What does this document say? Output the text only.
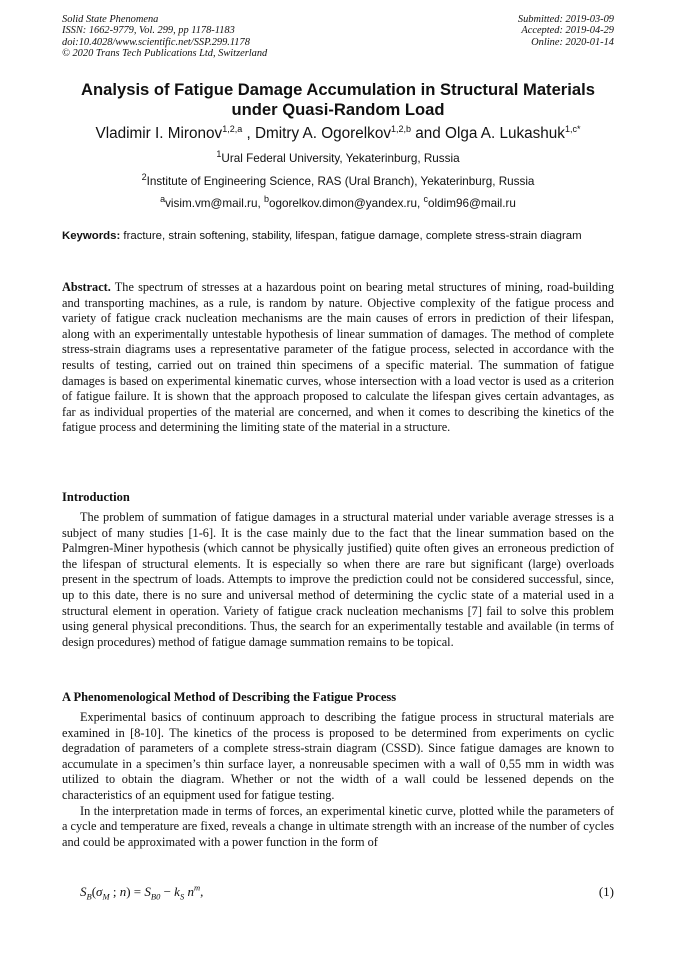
Solid State Phenomena
ISSN: 1662-9779, Vol. 299, pp 1178-1183
doi:10.4028/www.scientific.net/SSP.299.1178
© 2020 Trans Tech Publications Ltd, Switzerland
Submitted: 2019-03-09
Accepted: 2019-04-29
Online: 2020-01-14
Analysis of Fatigue Damage Accumulation in Structural Materials
under Quasi-Random Load
Vladimir I. Mironov$^{1,2,a}$ , Dmitry A. Ogorelkov$^{1,2,b}$ and Olga A. Lukashuk$^{1,c*}$
$^1$Ural Federal University, Yekaterinburg, Russia
$^2$Institute of Engineering Science, RAS (Ural Branch), Yekaterinburg, Russia
$^a$visim.vm@mail.ru, $^b$ogorelkov.dimon@yandex.ru, $^c$oldim96@mail.ru
Keywords: fracture, strain softening, stability, lifespan, fatigue damage, complete stress-strain diagram
Abstract. The spectrum of stresses at a hazardous point on bearing metal structures of mining, road-building and transporting machines, as a rule, is random by nature. Objective complexity of the fatigue process and variety of fatigue crack nucleation mechanisms are the main causes of errors in prediction of their lifespan, along with an experimentally untestable hypothesis of linear summation of damages. The method of complete stress-strain diagrams uses a representative parameter of the fatigue process, selected in accordance with the results of testing, carried out on trained thin specimens of a specific material. The summation of fatigue damages is based on experimental kinematic curves, whose intersection with a load vector is used as a criterion of fatigue failure. It is shown that the approach proposed to calculate the lifespan gives certain advantages, as far as individual properties of the material are concerned, and when it comes to describing the kinetics of the fatigue process and determining the limiting state of the material in a structure.
Introduction

The problem of summation of fatigue damages in a structural material under variable average stresses is a subject of many studies [1-6]. It is the case mainly due to the fact that the linear summation based on the Palmgren-Miner hypothesis (which cannot be physically justified) quite often gives an erroneous prediction of the lifespan of structural elements. It is especially so when there are rare but significant (large) overloads present in the spectrum of loads. Attempts to improve the prediction could not be considered successful, since, up to this date, there is no sure and universal method of determining the cyclic state of a material used in a structural element in operation. Variety of fatigue crack nucleation mechanisms [7] fail to solve this problem using general physical preconditions. Thus, the search for an experimentally testable and available (in terms of design procedures) method of fatigue damage summation remains to be topical.

A Phenomenological Method of Describing the Fatigue Process

Experimental basics of continuum approach to describing the fatigue process in structural materials are examined in [8-10]. The kinetics of the process is proposed to be determined from experiments on cyclic degradation of parameters of a complete stress-strain diagram (CSSD). Since fatigue damages are known to accumulate in a specimen’s thin surface layer, a nonreusable specimen with a wall of 0,55 mm in width was utilized to obtain the diagram. Whether or not the width of a wall could be lessened depends on the characteristics of an equipment used for fatigue testing.

In the interpretation made in terms of forces, an experimental kinetic curve, plotted while the parameters of a cycle and temperature are fixed, reveals a change in ultimate strength with an increase of the number of cycles and could be approximated with a power function in the form of

$S_B(\sigma_M$ ; $n) = S_{B0} - k_S$ $n^m$,	(1)
